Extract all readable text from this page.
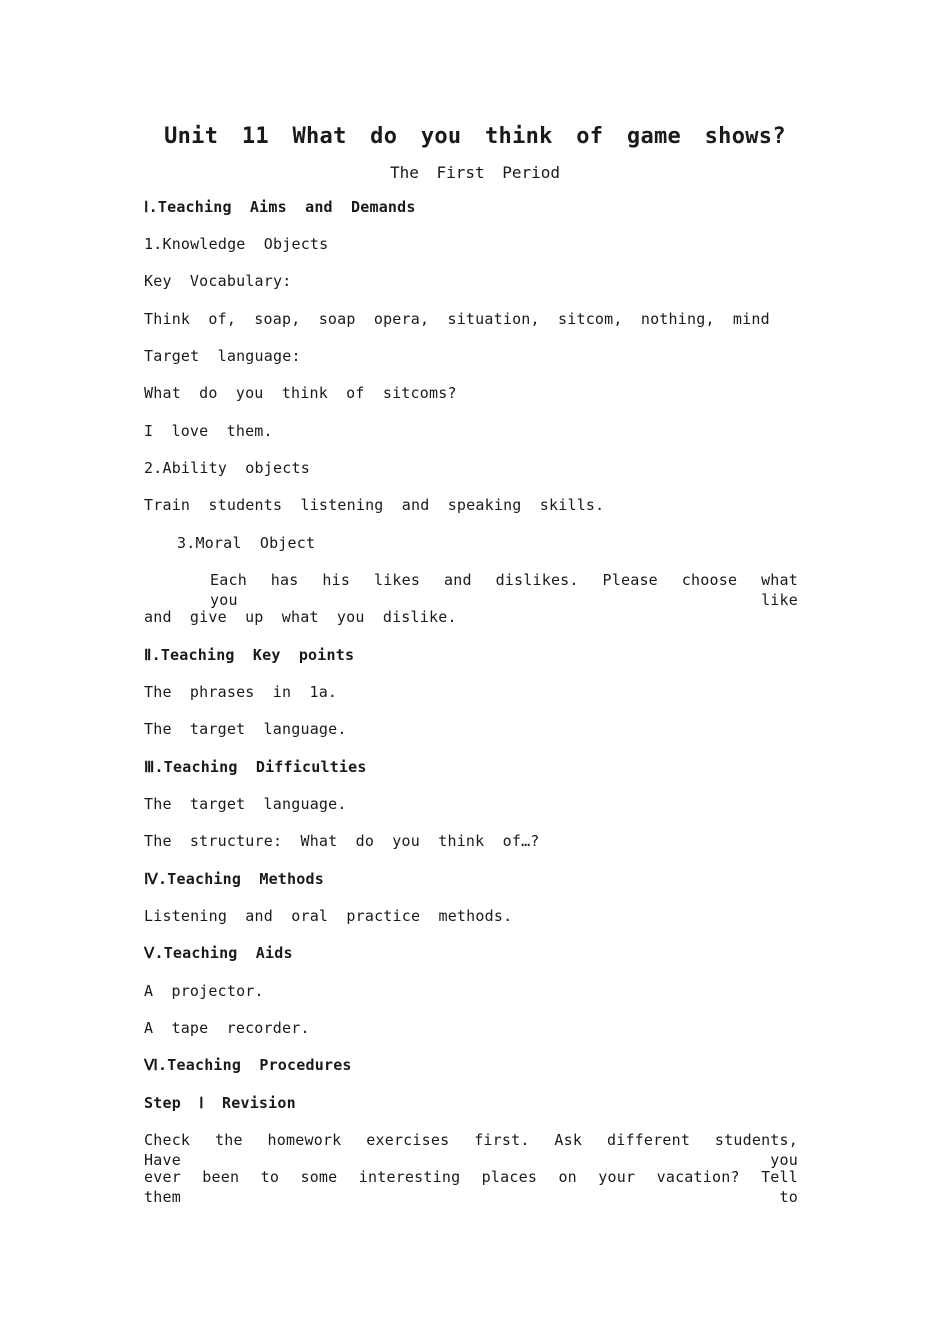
Unit 11 What do you think of game shows?
The First Period
Ⅰ.Teaching Aims and Demands
1.Knowledge Objects
Key Vocabulary:
Think of, soap, soap opera, situation, sitcom, nothing, mind
Target language:
What do you think of sitcoms?
I love them.
2.Ability objects
Train students listening and speaking skills.
3.Moral Object
Each has his likes and dislikes. Please choose what you like
and give up what you dislike.
Ⅱ.Teaching Key points
The phrases in 1a.
The target language.
Ⅲ.Teaching Difficulties
The target language.
The structure: What do you think of…?
Ⅳ.Teaching Methods
Listening and oral practice methods.
Ⅴ.Teaching Aids
A projector.
A tape recorder.
Ⅵ.Teaching Procedures
Step Ⅰ Revision
Check the homework exercises first. Ask different students, Have you
ever been to some interesting places on your vacation? Tell them to
